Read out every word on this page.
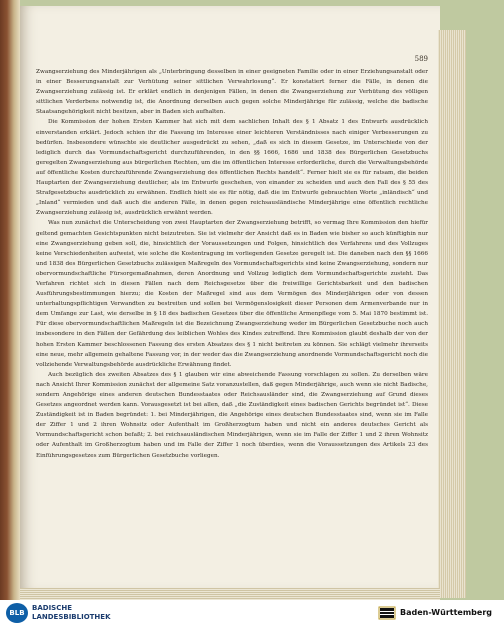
589

Zwangserziehung des Minderjährigen als „Unterbringung desselben in einer geeigneten Familie oder in einer Erziehungsanstalt oder in einer Besserungsanstalt zur Verhütung seiner sittlichen Verwahrlosung“. Er konstatiert ferner die Fälle, in denen die Zwangserziehung zulässig ist. Er erklärt endlich in denjenigen Fällen, in denen die Zwangserziehung zur Verhütung des völligen sittlichen Verderbens notwendig ist, die Anordnung derselben auch gegen solche Minderjährige für zulässig, welche die badische Staatsangehörigkeit nicht besitzen, aber in Baden sich aufhalten.

Die Kommission der hohen Ersten Kammer hat sich mit dem sachlichen Inhalt des § 1 Absatz 1 des Entwurfs ausdrücklich einverstanden erklärt. Jedoch schien ihr die Fassung im Interesse einer leichteren Verständnisses nach einiger Verbesserungen zu bedürfen. Insbesondere wünschte sie deutlicher ausgedrückt zu sehen, „daß es sich in diesem Gesetze, im Unterschiede von der lediglich durch das Vormundschaftsgericht durchzuführenden, in den §§ 1666, 1686 und 1838 des Bürgerlichen Gesetzbuchs geregelten Zwangserziehung aus bürgerlichen Rechten, um die im öffentlichen Interesse erforderliche, durch die Verwaltungsbehörde auf öffentliche Kosten durchzuführende Zwangserziehung des öffentlichen Rechts handelt“. Ferner hielt sie es für ratsam, die beiden Hauptarten der Zwangserziehung deutlicher, als im Entwurfe geschehen, von einander zu scheiden und auch den Fall des § 55 des Strafgesetzbuchs ausdrücklich zu erwähnen. Endlich hielt sie es für nötig, daß die im Entwurfe gebrauchten Worte „inländisch“ und „Inland“ vermieden und daß auch die anderen Fälle, in denen gegen reichsausländische Minderjährige eine öffentlich rechtliche Zwangserziehung zulässig ist, ausdrücklich erwähnt werden.

Was nun zunächst die Unterscheidung von zwei Hauptarten der Zwangserziehung betrifft, so vermag Ihre Kommission den hiefür geltend gemachten Gesichtspunkten nicht beizutreten. Sie ist vielmehr der Ansicht daß es in Baden wie bisher so auch künftighin nur eine Zwangserziehung geben soll, die, hinsichtlich der Voraussetzungen und Folgen, hinsichtlich des Verfahrens und des Vollzuges keine Verschiedenheiten aufweist, wie solche die Kostentragung im vorliegenden Gesetze geregelt ist. Die daneben nach den §§ 1666 und 1838 des Bürgerlichen Gesetzbuchs zulässigen Maßregeln des Vormundschaftsgerichts sind keine Zwangserziehung, sondern nur obervormundschaftliche Fürsorgemaßnahmen, deren Anordnung und Vollzug lediglich dem Vormundschaftsgerichte zusteht. Das Verfahren richtet sich in diesen Fällen nach dem Reichsgesetze über die freiwillige Gerichtsbarkeit und den badischen Ausführungsbestimmungen hierzu; die Kosten der Maßregel sind aus dem Vermögen des Minderjährigen oder von dessen unterhaltungspflichtigen Verwandten zu bestreiten und sollen bei Vermögenslosigkeit dieser Personen dem Armenverbande nur in dem Umfange zur Last, wie derselbe in § 18 des badischen Gesetzes über die öffentliche Armenpflege vom 5. Mai 1870 bestimmt ist. Für diese obervormundschaftlichen Maßregeln ist die Bezeichnung Zwangserziehung weder im Bürgerlichen Gesetzbuche noch auch insbesondere in den Fällen der Gefährdung des leiblichen Wohles des Kindes zutreffend. Ihre Kommission glaubt deshalb der von der hohen Ersten Kammer beschlossenen Fassung des ersten Absatzes des § 1 nicht beitreten zu können. Sie schlägt vielmehr ihrerseits eine neue, mehr allgemein gehaltene Fassung vor, in der weder das die Zwangserziehung anordnende Vormundschaftsgericht noch die vollziehende Verwaltungsbehörde ausdrückliche Erwähnung findet.

Auch bezüglich des zweiten Absatzes des § 1 glauben wir eine abweichende Fassung vorschlagen zu sollen. Zu derselben wäre nach Ansicht Ihrer Kommission zunächst der allgemeine Satz voranzustellen, daß gegen Minderjährige, auch wenn sie nicht Badische, sondern Angehörige eines anderen deutschen Bundesstaates oder Reichsausländer sind, die Zwangserziehung auf Grund dieses Gesetzes angeordnet werden kann. Vorausgesetzt ist bei allen, daß „die Zuständigkeit eines badischen Gerichts begründet ist“. Diese Zuständigkeit ist in Baden begründet: 1. bei Minderjährigen, die Angehörige eines deutschen Bundesstaates sind, wenn sie im Falle der Ziffer 1 und 2 ihren Wohnsitz oder Aufenthalt im Großherzogtum haben und nicht ein anderes deutsches Gericht als Vormundschaftsgericht schon befaßt; 2. bei reichsausländischen Minderjährigen, wenn sie im Falle der Ziffer 1 und 2 ihren Wohnsitz oder Aufenthalt im Großherzogtum haben und im Falle der Ziffer 1 noch überdies, wenn die Voraussetzungen des Artikels 23 des Einführungsgesetzes zum Bürgerlichen Gesetzbuche vorliegen.

BLB
BADISCHE
LANDESBIBLIOTHEK	Baden-Württemberg
